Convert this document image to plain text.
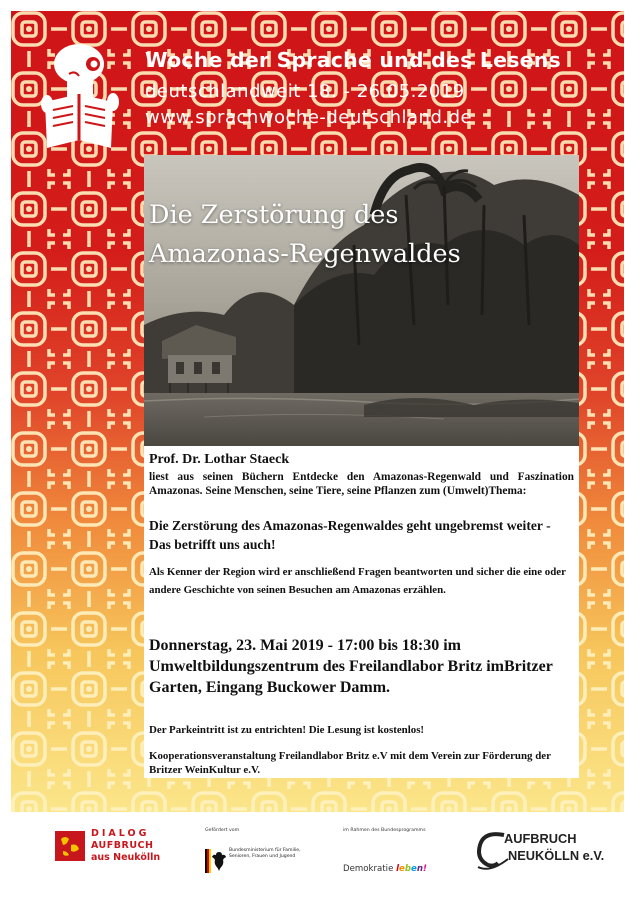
Woche der Sprache und des Lesens
deutschlandweit 18. - 26.05.2019
www.sprachwoche-deutschland.de
Die Zerstörung des
Amazonas-Regenwaldes

Prof. Dr. Lothar Staeck

liest aus seinen Büchern Entdecke den Amazonas-Regenwald und Faszination Amazonas. Seine Menschen, seine Tiere, seine Pflanzen zum (Umwelt)Thema:

Die Zerstörung des Amazonas-Regenwaldes geht ungebremst weiter - Das betrifft uns auch!

Als Kenner der Region wird er anschließend Fragen beantworten und sicher die eine oder andere Geschichte von seinen Besuchen am Amazonas erzählen.

Donnerstag, 23. Mai 2019 - 17:00 bis 18:30 im Umweltbildungszentrum des Freilandlabor Britz imBritzer Garten, Eingang Buckower Damm.

Der Parkeintritt ist zu entrichten! Die Lesung ist kostenlos!

Kooperationsveranstaltung Freilandlabor Britz e.V mit dem Verein zur Förderung der Britzer WeinKultur e.V.

DIALOG
AUFBRUCH
aus Neukölln
Gefördert vom
Bundesministerium für Familie, Senioren, Frauen und Jugend
im Rahmen des Bundesprogramms
Demokratie leben!
AUFBRUCH
NEUKÖLLN e.V.
